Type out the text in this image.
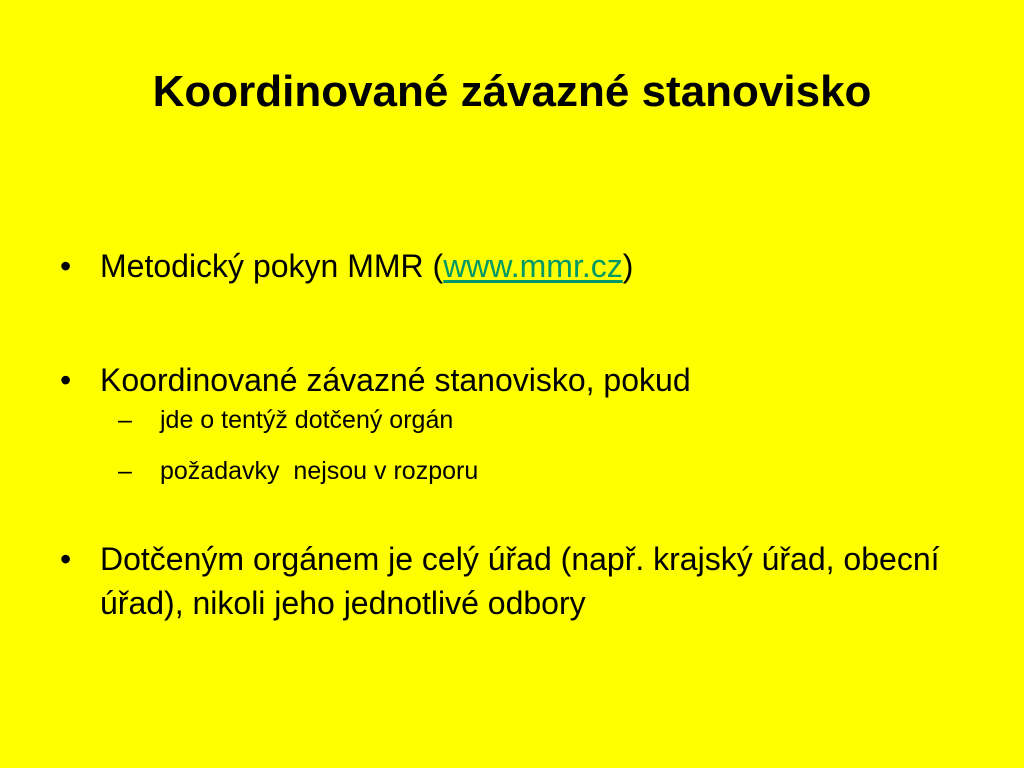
Koordinované závazné stanovisko
• Metodický pokyn MMR (www.mmr.cz)
• Koordinované závazné stanovisko, pokud
–	jde o tentýž dotčený orgán
–	požadavky  nejsou v rozporu
• Dotčeným orgánem je celý úřad (např. krajský úřad, obecní úřad), nikoli jeho jednotlivé odbory
